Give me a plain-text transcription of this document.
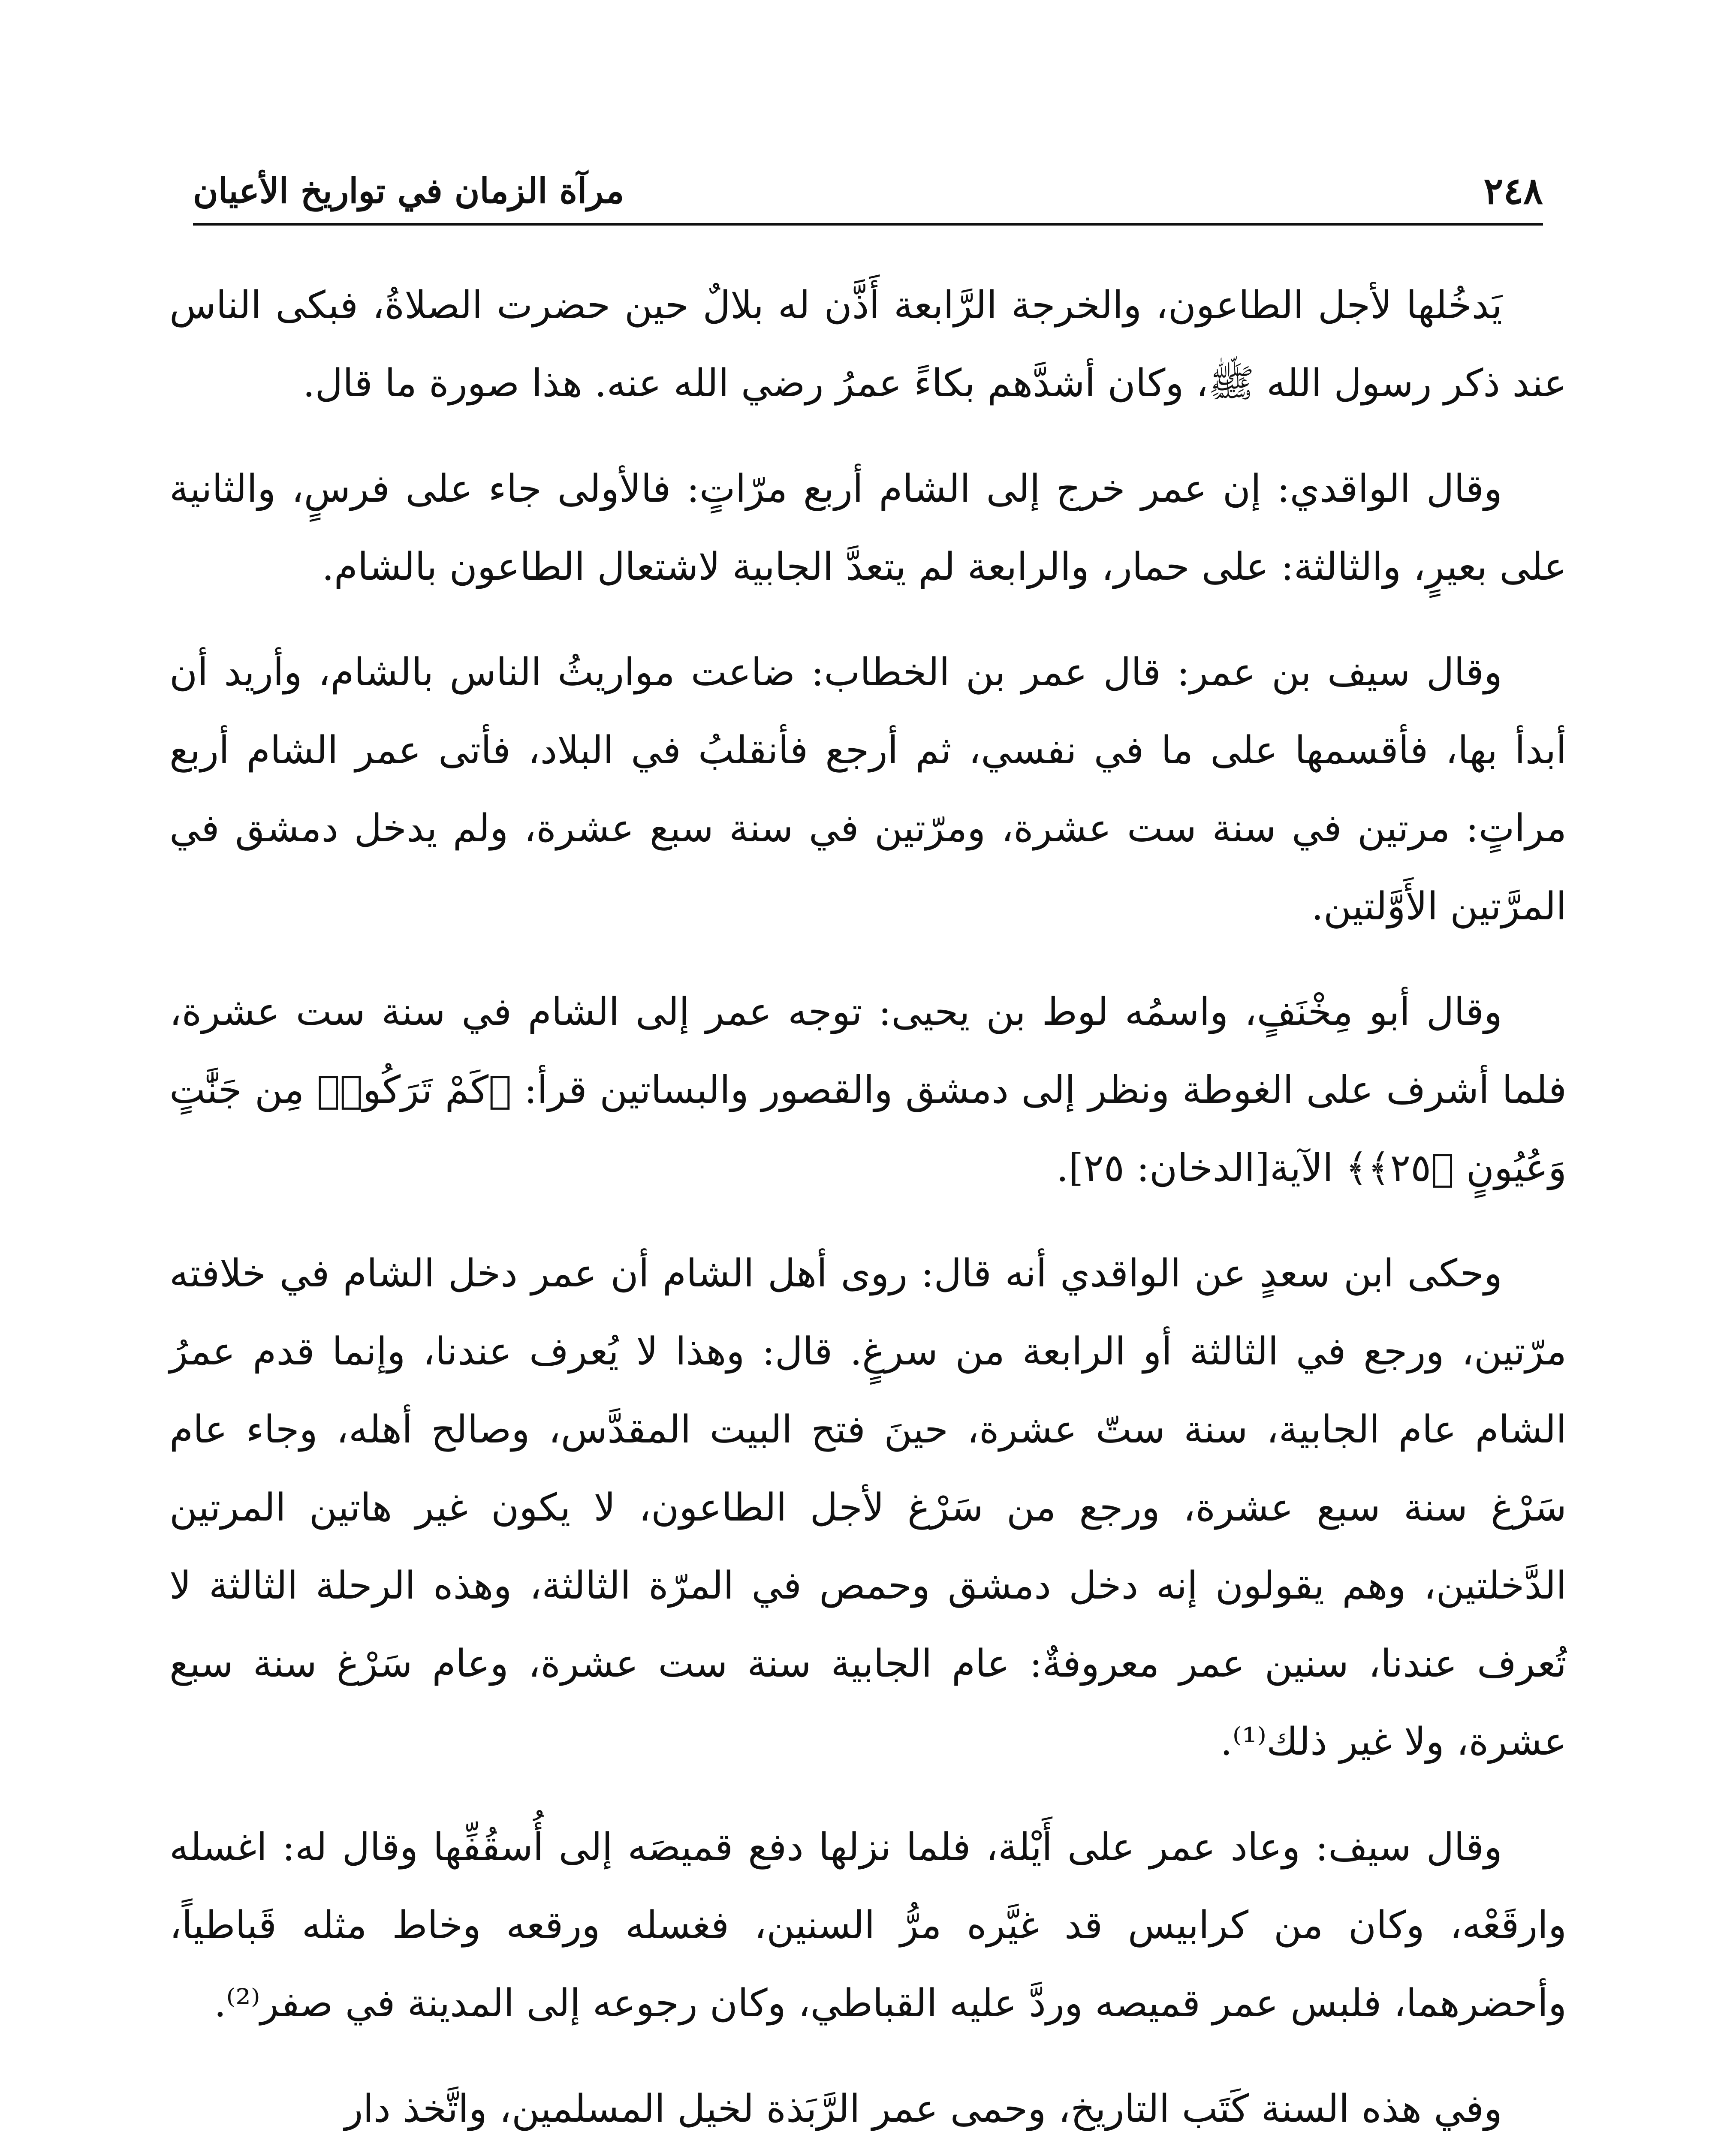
٢٤٨
مرآة الزمان في تواريخ الأعيان

يَدخُلها لأجل الطاعون، والخرجة الرَّابعة أَذَّن له بلالٌ حين حضرت الصلاةُ، فبكى الناس عند ذكر رسول الله ﷺ، وكان أشدَّهم بكاءً عمرُ رضي الله عنه. هذا صورة ما قال.

وقال الواقدي: إن عمر خرج إلى الشام أربع مرّاتٍ: فالأولى جاء على فرسٍ، والثانية على بعيرٍ، والثالثة: على حمار، والرابعة لم يتعدَّ الجابية لاشتعال الطاعون بالشام.

وقال سيف بن عمر: قال عمر بن الخطاب: ضاعت مواريثُ الناس بالشام، وأريد أن أبدأ بها، فأقسمها على ما في نفسي، ثم أرجع فأنقلبُ في البلاد، فأتى عمر الشام أربع مراتٍ: مرتين في سنة ست عشرة، ومرّتين في سنة سبع عشرة، ولم يدخل دمشق في المرَّتين الأَوَّلتين.

وقال أبو مِخْنَفٍ، واسمُه لوط بن يحيى: توجه عمر إلى الشام في سنة ست عشرة، فلما أشرف على الغوطة ونظر إلى دمشق والقصور والبساتين قرأ: ﴿كَمْ تَرَكُوا۟ مِن جَنَّٰتٍ وَعُيُونٍ ﴿٢٥﴾﴾ الآية[الدخان: ٢٥].

وحكى ابن سعدٍ عن الواقدي أنه قال: روى أهل الشام أن عمر دخل الشام في خلافته مرّتين، ورجع في الثالثة أو الرابعة من سرغٍ. قال: وهذا لا يُعرف عندنا، وإنما قدم عمرُ الشام عام الجابية، سنة ستّ عشرة، حينَ فتح البيت المقدَّس، وصالح أهله، وجاء عام سَرْغ سنة سبع عشرة، ورجع من سَرْغ لأجل الطاعون، لا يكون غير هاتين المرتين الدَّخلتين، وهم يقولون إنه دخل دمشق وحمص في المرّة الثالثة، وهذه الرحلة الثالثة لا تُعرف عندنا، سنين عمر معروفةٌ: عام الجابية سنة ست عشرة، وعام سَرْغ سنة سبع عشرة، ولا غير ذلك⁽¹⁾.

وقال سيف: وعاد عمر على أَيْلة، فلما نزلها دفع قميصَه إلى أُسقُفِّها وقال له: اغسله وارقَعْه، وكان من كرابيس قد غيَّره مرُّ السنين، فغسله ورقعه وخاط مثله قَباطياً، وأحضرهما، فلبس عمر قميصه وردَّ عليه القباطي، وكان رجوعه إلى المدينة في صفر⁽²⁾.

وفي هذه السنة كَتَب التاريخ، وحمى عمر الرَّبَذة لخيل المسلمين، واتَّخذ دار
